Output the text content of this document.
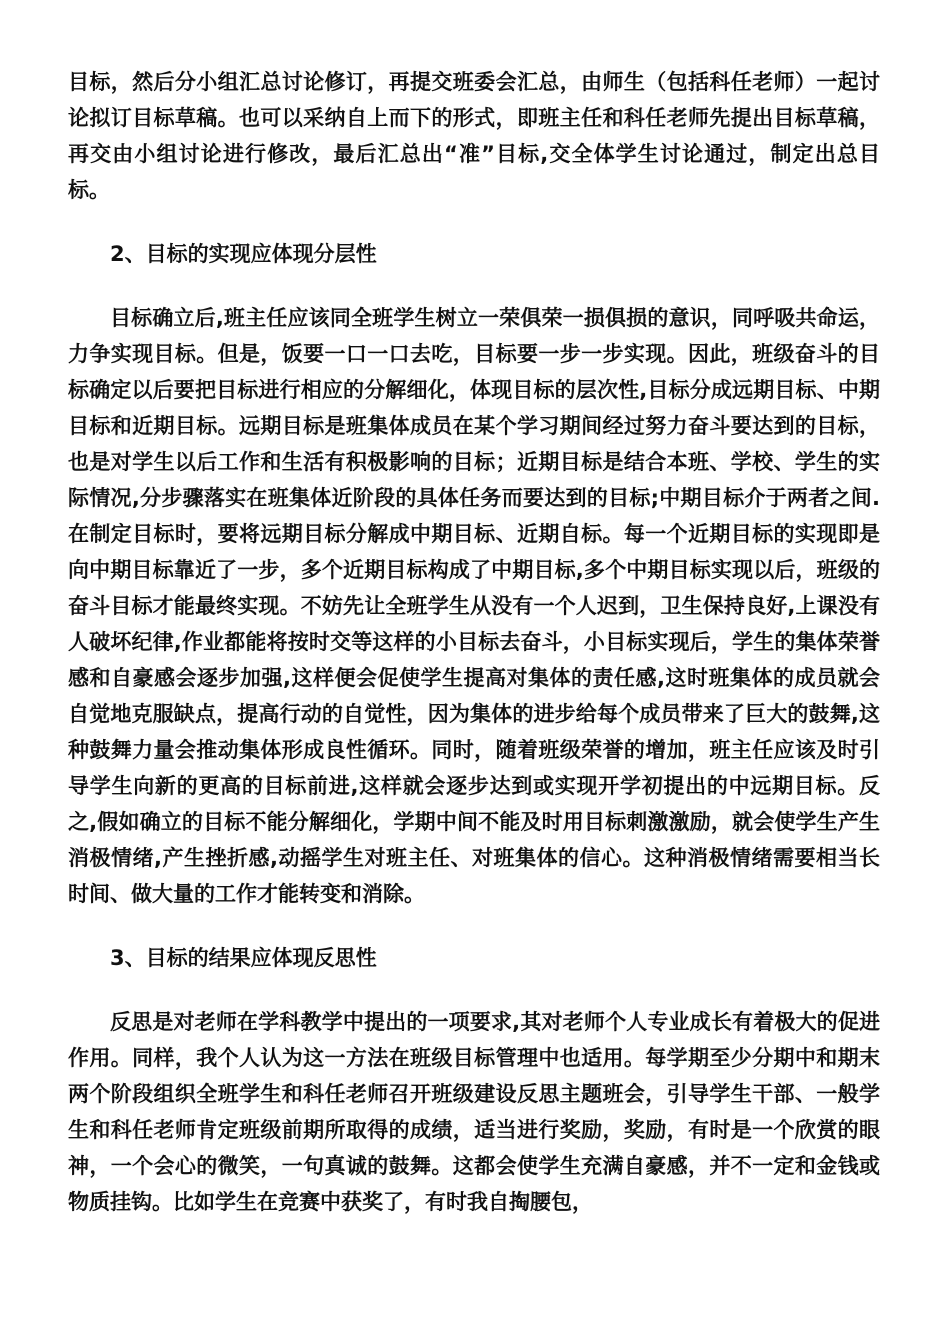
目标，然后分小组汇总讨论修订，再提交班委会汇总，由师生（包括科任老师）一起讨论拟订目标草稿。也可以采纳自上而下的形式，即班主任和科任老师先提出目标草稿，再交由小组讨论进行修改，最后汇总出“准”目标,交全体学生讨论通过，制定出总目标。

2、目标的实现应体现分层性

目标确立后,班主任应该同全班学生树立一荣俱荣一损俱损的意识，同呼吸共命运，力争实现目标。但是，饭要一口一口去吃，目标要一步一步实现。因此，班级奋斗的目标确定以后要把目标进行相应的分解细化，体现目标的层次性,目标分成远期目标、中期目标和近期目标。远期目标是班集体成员在某个学习期间经过努力奋斗要达到的目标，也是对学生以后工作和生活有积极影响的目标；近期目标是结合本班、学校、学生的实际情况,分步骤落实在班集体近阶段的具体任务而要达到的目标;中期目标介于两者之间.在制定目标时，要将远期目标分解成中期目标、近期自标。每一个近期目标的实现即是向中期目标靠近了一步，多个近期目标构成了中期目标,多个中期目标实现以后，班级的奋斗目标才能最终实现。不妨先让全班学生从没有一个人迟到，卫生保持良好,上课没有人破坏纪律,作业都能将按时交等这样的小目标去奋斗，小目标实现后，学生的集体荣誉感和自豪感会逐步加强,这样便会促使学生提高对集体的责任感,这时班集体的成员就会自觉地克服缺点，提高行动的自觉性，因为集体的进步给每个成员带来了巨大的鼓舞,这种鼓舞力量会推动集体形成良性循环。同时，随着班级荣誉的增加，班主任应该及时引导学生向新的更高的目标前进,这样就会逐步达到或实现开学初提出的中远期目标。反之,假如确立的目标不能分解细化，学期中间不能及时用目标刺激激励，就会使学生产生消极情绪,产生挫折感,动摇学生对班主任、对班集体的信心。这种消极情绪需要相当长时间、做大量的工作才能转变和消除。

3、目标的结果应体现反思性

反思是对老师在学科教学中提出的一项要求,其对老师个人专业成长有着极大的促进作用。同样，我个人认为这一方法在班级目标管理中也适用。每学期至少分期中和期末两个阶段组织全班学生和科任老师召开班级建设反思主题班会，引导学生干部、一般学生和科任老师肯定班级前期所取得的成绩，适当进行奖励，奖励，有时是一个欣赏的眼神，一个会心的微笑，一句真诚的鼓舞。这都会使学生充满自豪感，并不一定和金钱或物质挂钩。比如学生在竞赛中获奖了，有时我自掏腰包，
